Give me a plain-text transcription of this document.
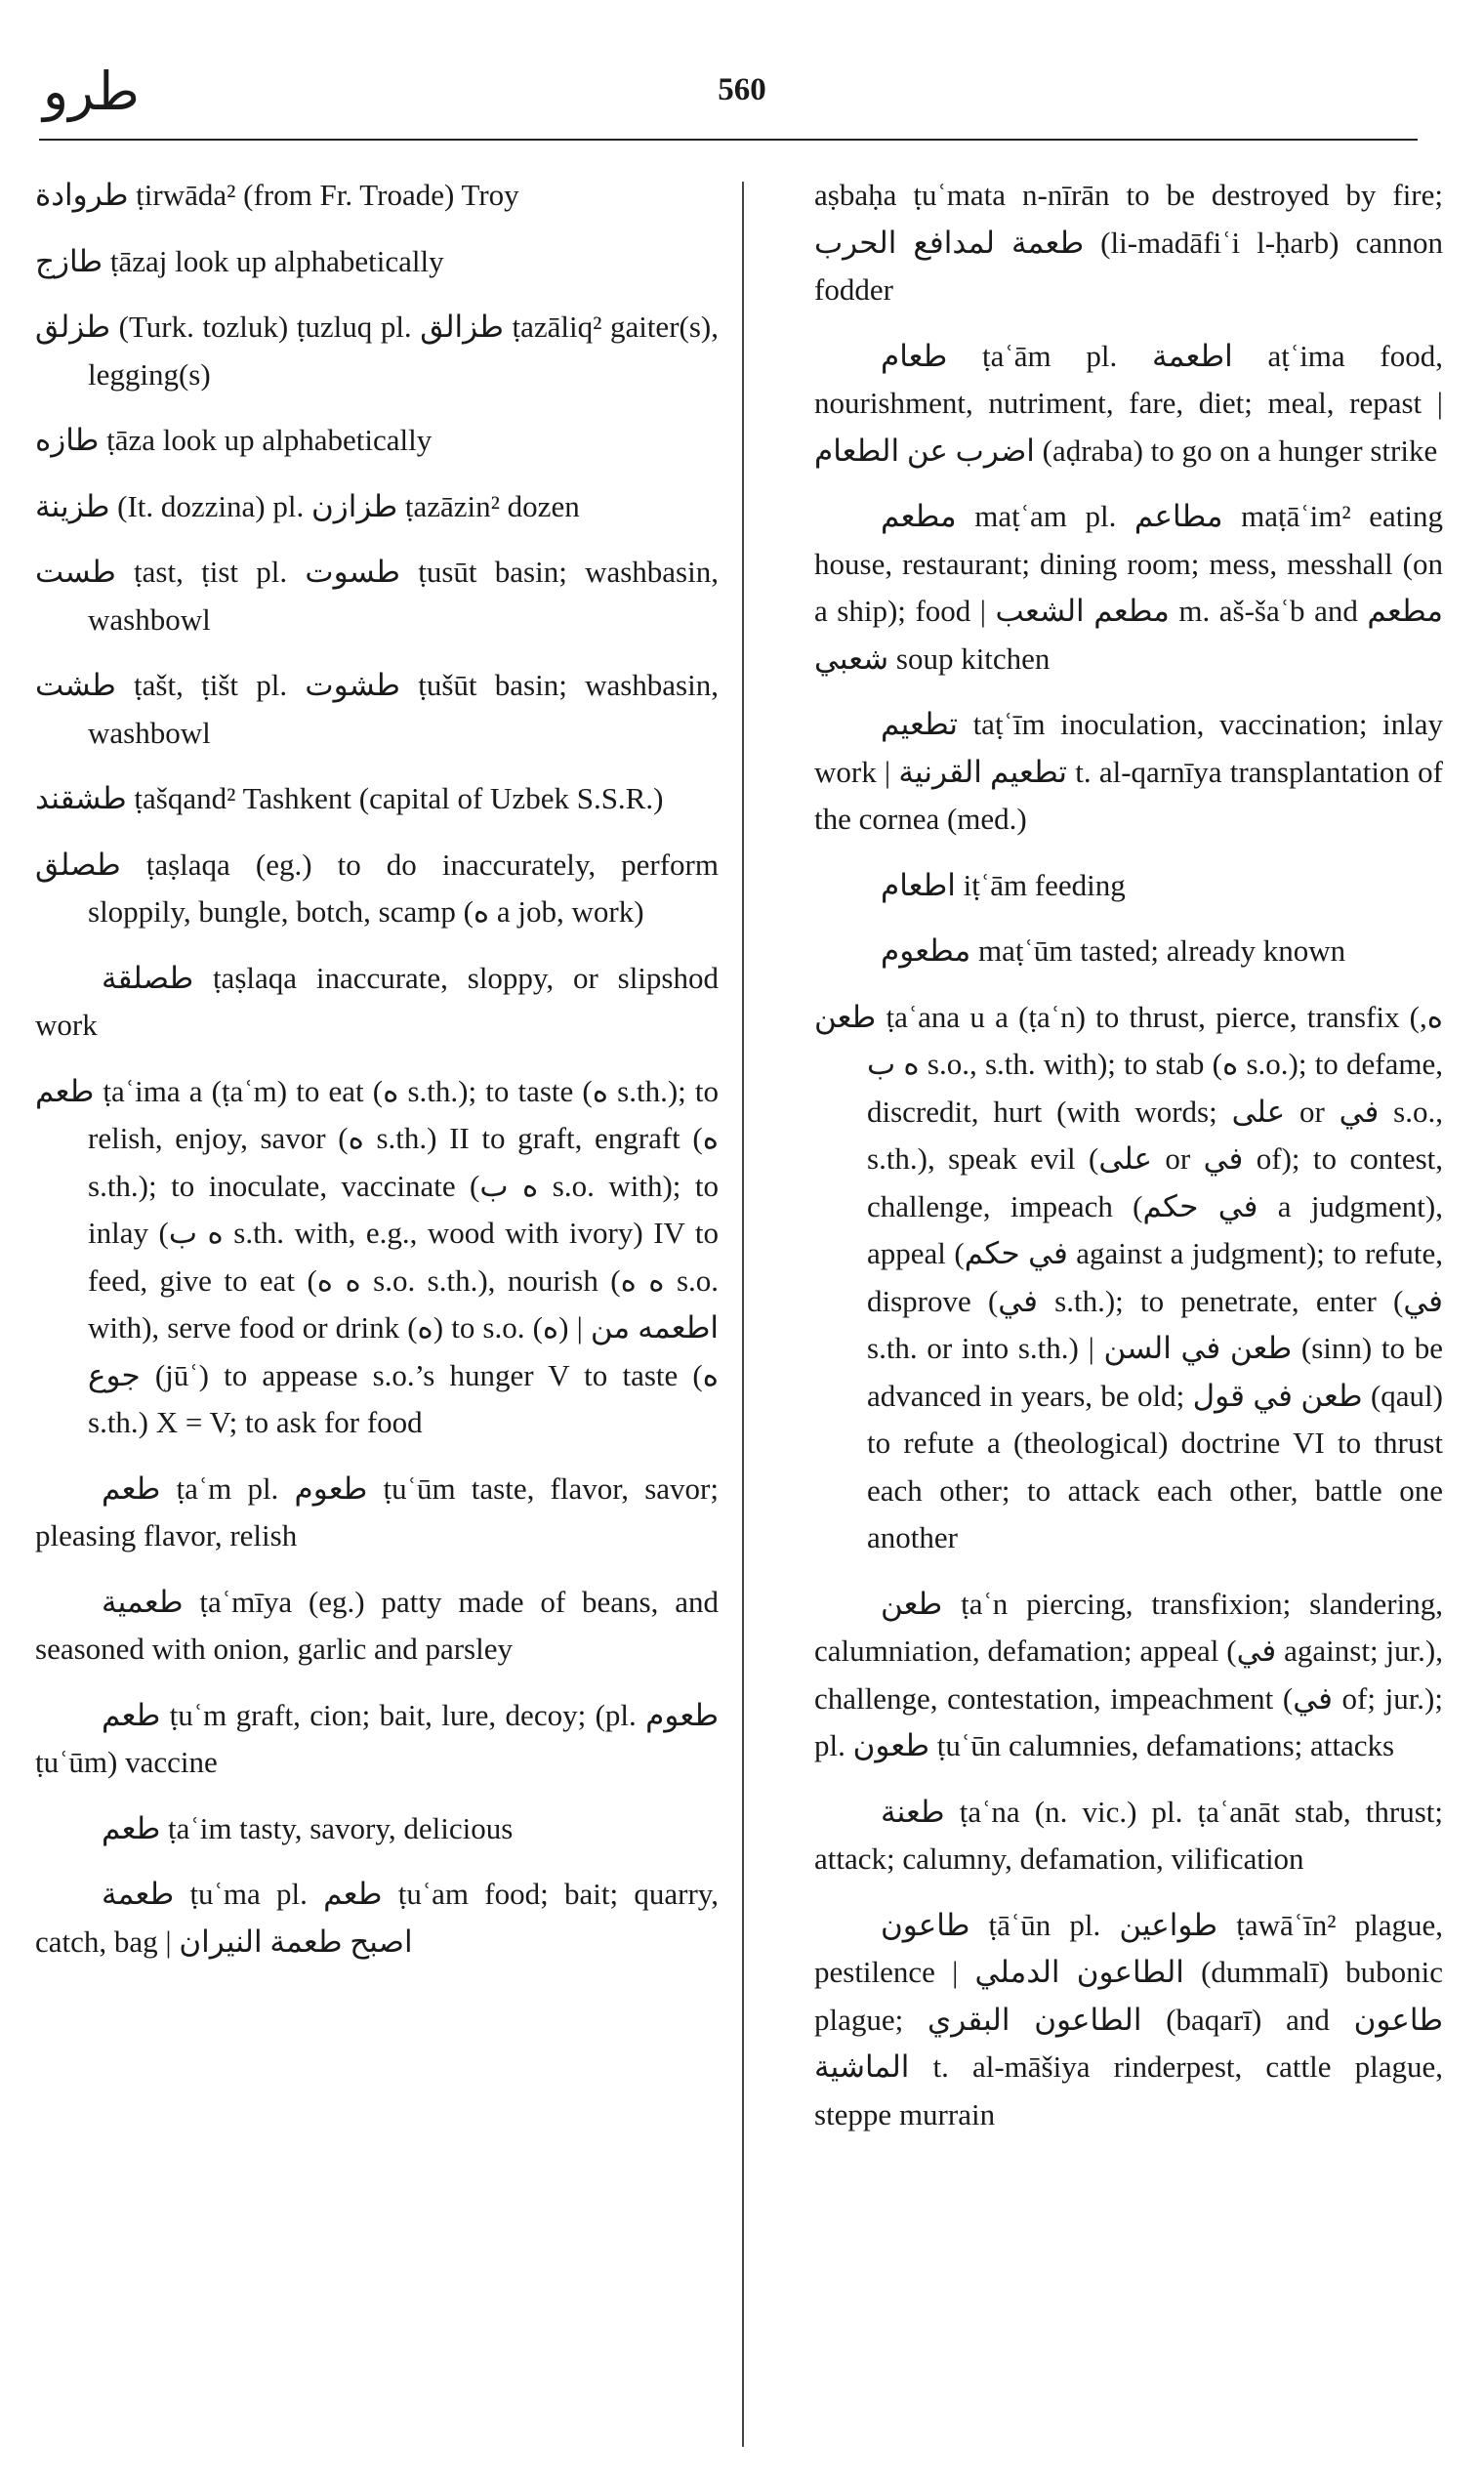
طرو	560

طروادة ṭirwāda² (from Fr. Troade) Troy

طازج ṭāzaj look up alphabetically

طزلق (Turk. tozluk) ṭuzluq pl. طزالق ṭazāliq² gaiter(s), legging(s)

طازه ṭāza look up alphabetically

طزينة (It. dozzina) pl. طزازن ṭazāzin² dozen

طست ṭast, ṭist pl. طسوت ṭusūt basin; washbasin, washbowl

طشت ṭašt, ṭišt pl. طشوت ṭušūt basin; washbasin, washbowl

طشقند ṭašqand² Tashkent (capital of Uzbek S.S.R.)

طصلق ṭaṣlaqa (eg.) to do inaccurately, perform sloppily, bungle, botch, scamp (ه a job, work)

طصلقة ṭaṣlaqa inaccurate, sloppy, or slipshod work

طعم ṭaʿima a (ṭaʿm) to eat (ه s.th.); to taste (ه s.th.); to relish, enjoy, savor (ه s.th.) II to graft, engraft (ه s.th.); to inoculate, vaccinate (ه ب s.o. with); to inlay (ه ب s.th. with, e.g., wood with ivory) IV to feed, give to eat (ه ه s.o. s.th.), nourish (ه ه s.o. with), serve food or drink (ه) to s.o. (ه) | اطعمه من جوع (jūʿ) to appease s.o.’s hunger V to taste (ه s.th.) X = V; to ask for food

طعم ṭaʿm pl. طعوم ṭuʿūm taste, flavor, savor; pleasing flavor, relish

طعمية ṭaʿmīya (eg.) patty made of beans, and seasoned with onion, garlic and parsley

طعم ṭuʿm graft, cion; bait, lure, decoy; (pl. طعوم ṭuʿūm) vaccine

طعم ṭaʿim tasty, savory, delicious

طعمة ṭuʿma pl. طعم ṭuʿam food; bait; quarry, catch, bag | اصبح طعمة النيران

aṣbaḥa ṭuʿmata n-nīrān to be destroyed by fire; طعمة لمدافع الحرب (li-madāfiʿi l-ḥarb) cannon fodder

طعام ṭaʿām pl. اطعمة aṭʿima food, nourishment, nutriment, fare, diet; meal, repast | اضرب عن الطعام (aḍraba) to go on a hunger strike

مطعم maṭʿam pl. مطاعم maṭāʿim² eating house, restaurant; dining room; mess, messhall (on a ship); food | مطعم الشعب m. aš-šaʿb and مطعم شعبي soup kitchen

تطعيم taṭʿīm inoculation, vaccination; inlay work | تطعيم القرنية t. al-qarnīya transplantation of the cornea (med.)

اطعام iṭʿām feeding

مطعوم maṭʿūm tasted; already known

طعن ṭaʿana u a (ṭaʿn) to thrust, pierce, transfix (ه, ه ب s.o., s.th. with); to stab (ه s.o.); to defame, discredit, hurt (with words; على or في s.o., s.th.), speak evil (على or في of); to contest, challenge, impeach (في حكم a judgment), appeal (في حكم against a judgment); to refute, disprove (في s.th.); to penetrate, enter (في s.th. or into s.th.) | طعن في السن (sinn) to be advanced in years, be old; طعن في قول (qaul) to refute a (theological) doctrine VI to thrust each other; to attack each other, battle one another

طعن ṭaʿn piercing, transfixion; slandering, calumniation, defamation; appeal (في against; jur.), challenge, contestation, impeachment (في of; jur.); pl. طعون ṭuʿūn calumnies, defamations; attacks

طعنة ṭaʿna (n. vic.) pl. ṭaʿanāt stab, thrust; attack; calumny, defamation, vilification

طاعون ṭāʿūn pl. طواعين ṭawāʿīn² plague, pestilence | الطاعون الدملي (dummalī) bubonic plague; الطاعون البقري (baqarī) and طاعون الماشية t. al-māšiya rinderpest, cattle plague, steppe murrain
